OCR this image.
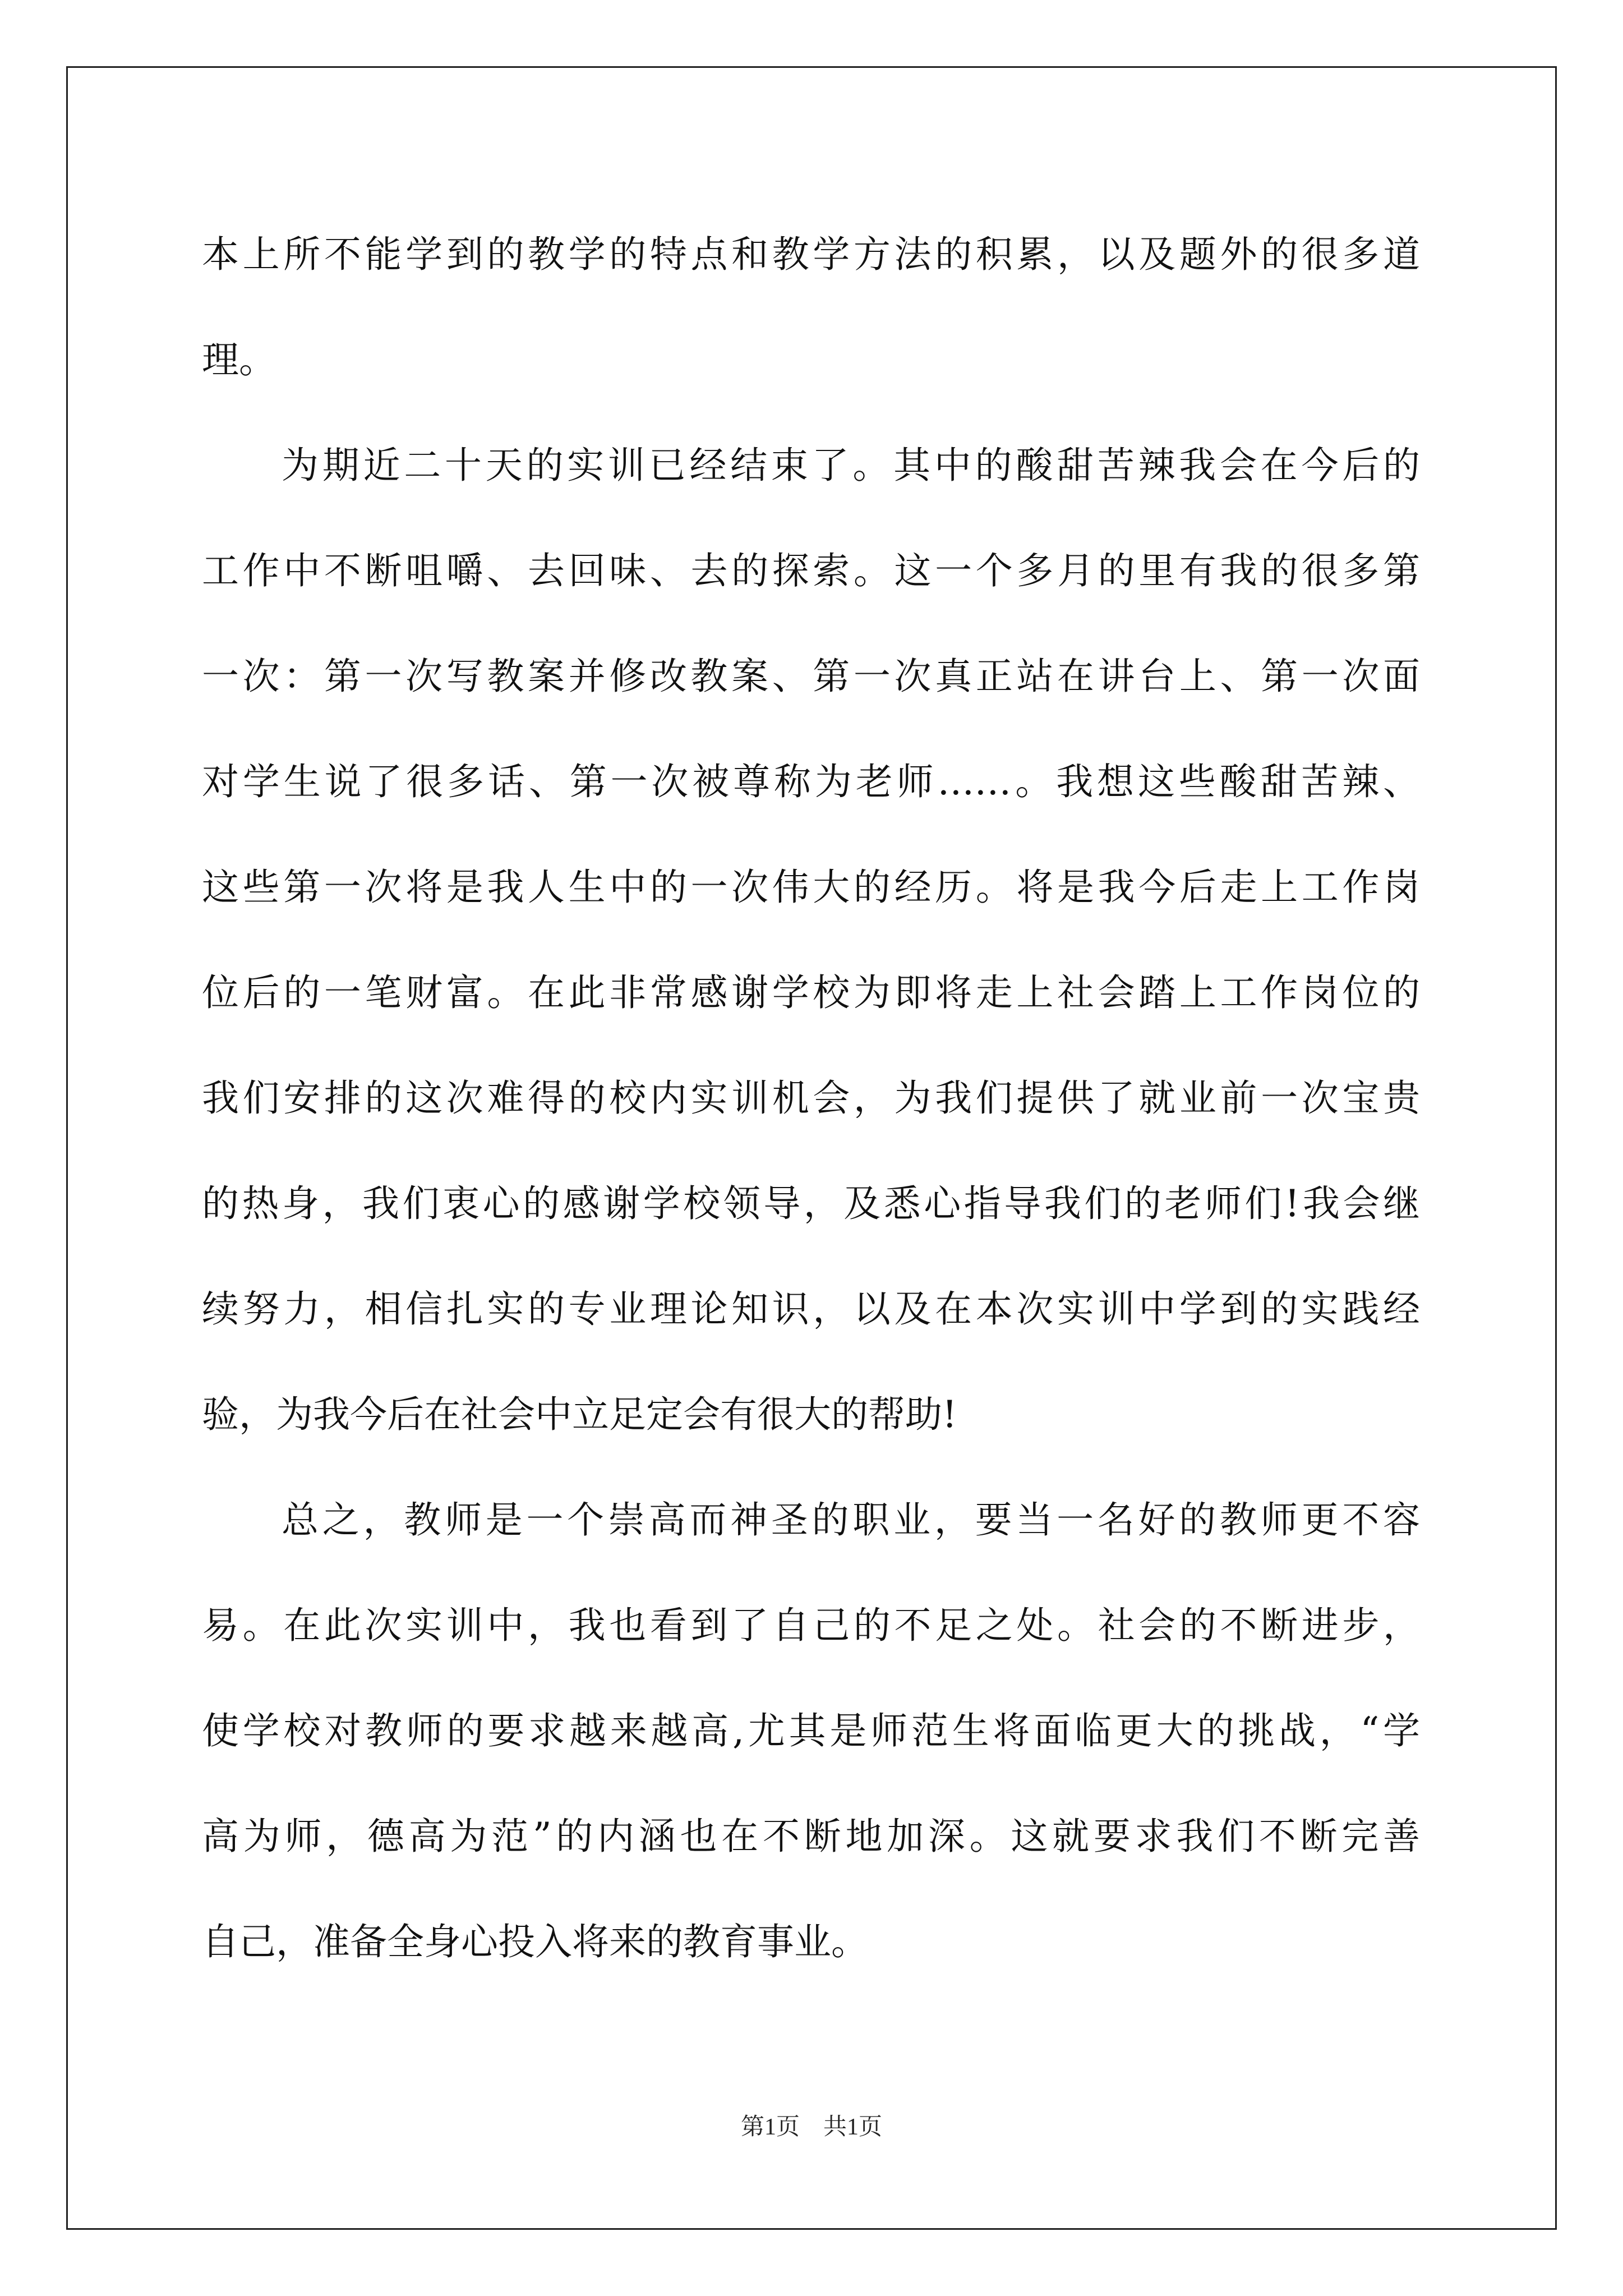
本上所不能学到的教学的特点和教学方法的积累，以及题外的很多道
理。
为期近二十天的实训已经结束了。其中的酸甜苦辣我会在今后的
工作中不断咀嚼、去回味、去的探索。这一个多月的里有我的很多第
一次：第一次写教案并修改教案、第一次真正站在讲台上、第一次面
对学生说了很多话、第一次被尊称为老师……。我想这些酸甜苦辣、
这些第一次将是我人生中的一次伟大的经历。将是我今后走上工作岗
位后的一笔财富。在此非常感谢学校为即将走上社会踏上工作岗位的
我们安排的这次难得的校内实训机会，为我们提供了就业前一次宝贵
的热身，我们衷心的感谢学校领导，及悉心指导我们的老师们!我会继
续努力，相信扎实的专业理论知识，以及在本次实训中学到的实践经
验，为我今后在社会中立足定会有很大的帮助!
总之，教师是一个崇高而神圣的职业，要当一名好的教师更不容
易。在此次实训中，我也看到了自己的不足之处。社会的不断进步，
使学校对教师的要求越来越高,尤其是师范生将面临更大的挑战，“学
高为师，德高为范”的内涵也在不断地加深。这就要求我们不断完善
自己，准备全身心投入将来的教育事业。
第1页　共1页
